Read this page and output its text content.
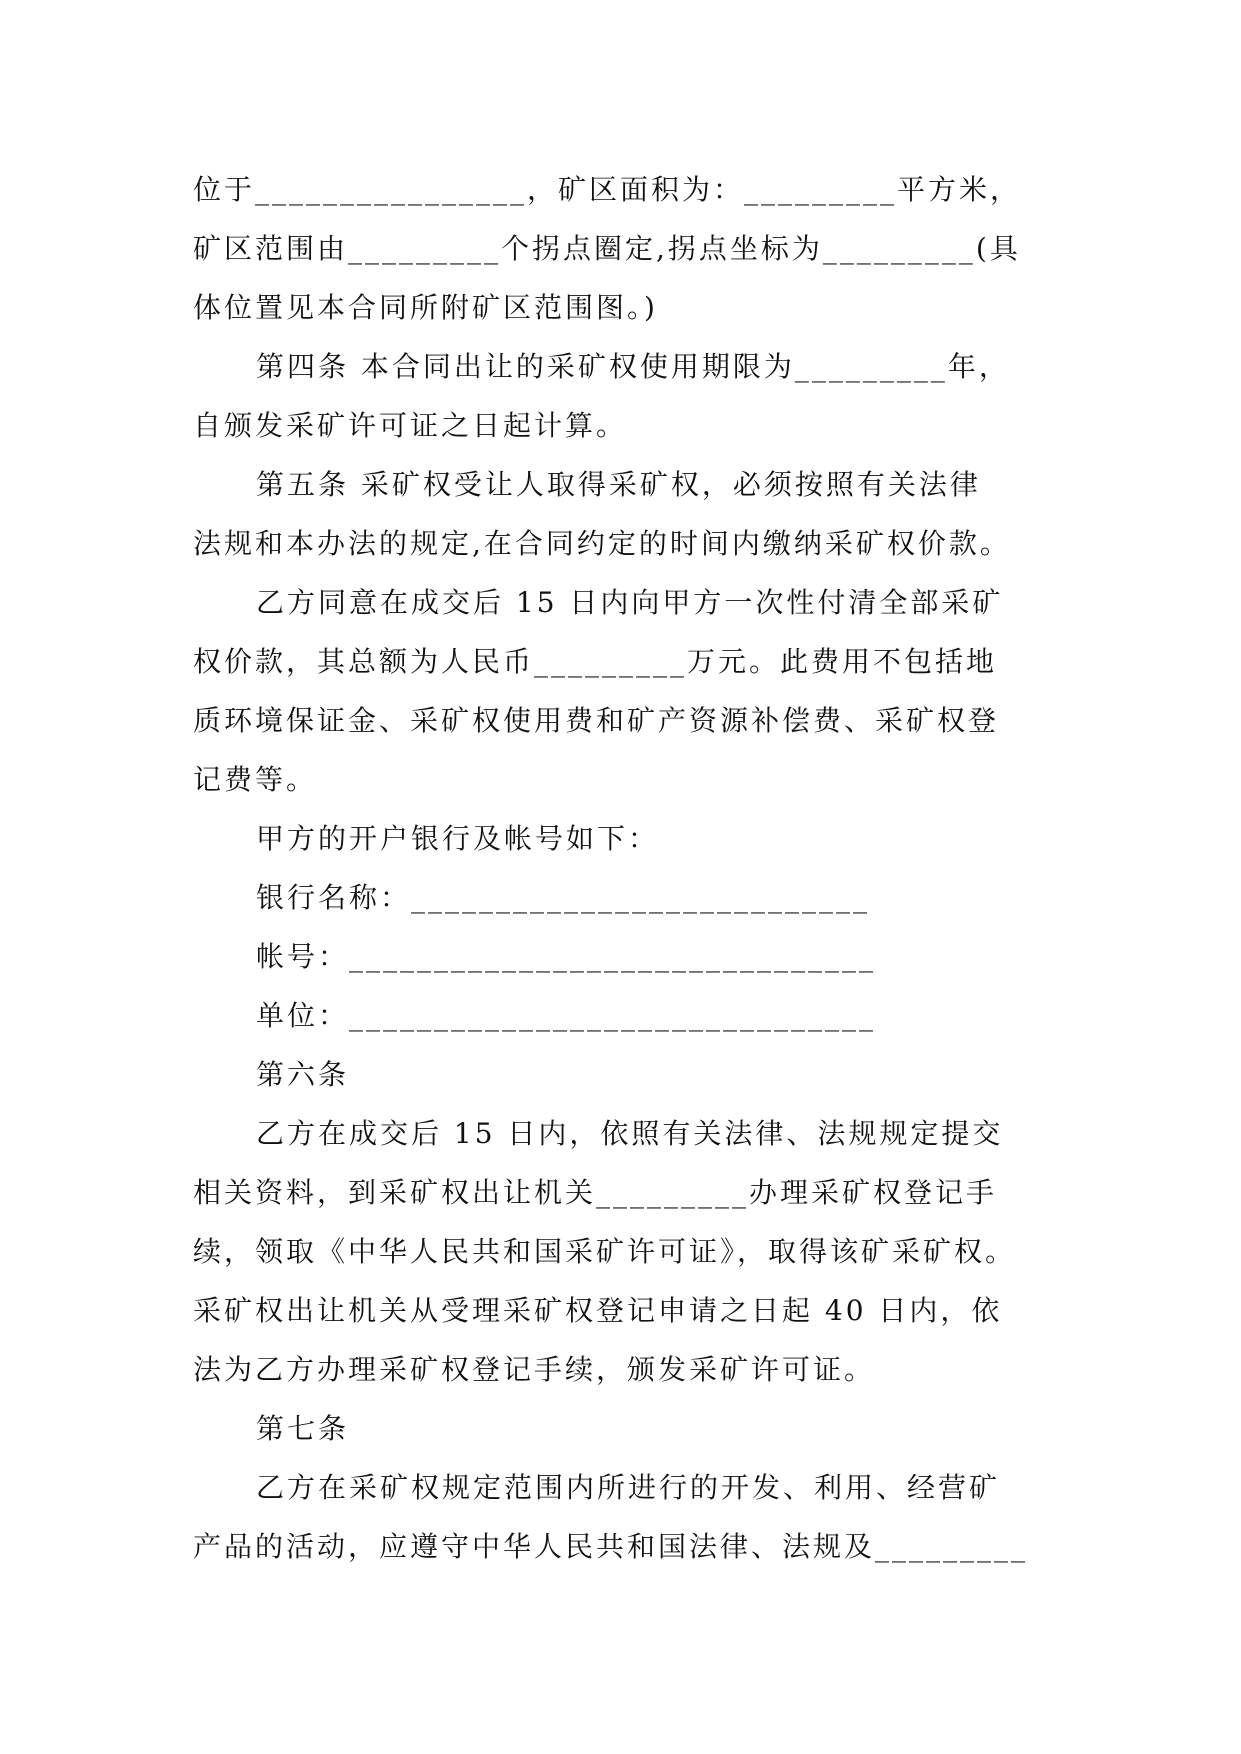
位于________________，矿区面积为：_________平方米，
矿区范围由_________个拐点圈定,拐点坐标为_________(具
体位置见本合同所附矿区范围图。)
第四条 本合同出让的采矿权使用期限为_________年，
自颁发采矿许可证之日起计算。
第五条 采矿权受让人取得采矿权，必须按照有关法律
法规和本办法的规定,在合同约定的时间内缴纳采矿权价款。
乙方同意在成交后 15 日内向甲方一次性付清全部采矿
权价款，其总额为人民币_________万元。此费用不包括地
质环境保证金、采矿权使用费和矿产资源补偿费、采矿权登
记费等。
甲方的开户银行及帐号如下：
银行名称：___________________________
帐号：_______________________________
单位：_______________________________
第六条
乙方在成交后 15 日内，依照有关法律、法规规定提交
相关资料，到采矿权出让机关_________办理采矿权登记手
续，领取《中华人民共和国采矿许可证》，取得该矿采矿权。
采矿权出让机关从受理采矿权登记申请之日起 40 日内，依
法为乙方办理采矿权登记手续，颁发采矿许可证。
第七条
乙方在采矿权规定范围内所进行的开发、利用、经营矿
产品的活动，应遵守中华人民共和国法律、法规及_________
